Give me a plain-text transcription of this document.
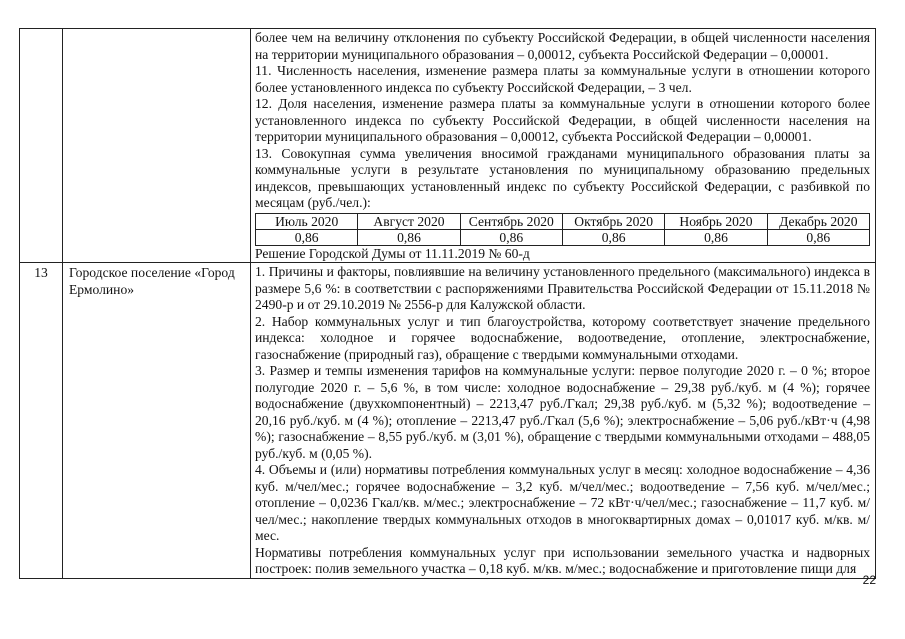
более чем на величину отклонения по субъекту Российской Федерации, в общей численности населения на территории муниципального образования – 0,00012, субъекта Российской Федерации – 0,00001.

11. Численность населения, изменение размера платы за коммунальные услуги в отношении которого более установленного индекса по субъекту Российской Федерации, – 3 чел.

12. Доля населения, изменение размера платы за коммунальные услуги в отношении которого более установленного индекса по субъекту Российской Федерации, в общей численности населения на территории муниципального образования – 0,00012, субъекта Российской Федерации – 0,00001.

13. Совокупная сумма увеличения вносимой гражданами муниципального образования платы за коммунальные услуги в результате установления по муниципальному образованию предельных индексов, превышающих установленный индекс по субъекту Российской Федерации, с разбивкой по месяцам (руб./чел.):

Июль 2020	Август 2020	Сентябрь 2020	Октябрь 2020	Ноябрь 2020	Декабрь 2020
0,86	0,86	0,86	0,86	0,86	0,86

Решение Городской Думы от 11.11.2019 № 60-д

13	Городское поселение «Город Ермолино»	

1. Причины и факторы, повлиявшие на величину установленного предельного (максимального) индекса в размере 5,6 %: в соответствии с распоряжениями Правительства Российской Федерации от 15.11.2018 № 2490-р и от 29.10.2019 № 2556-р для Калужской области.

2. Набор коммунальных услуг и тип благоустройства, которому соответствует значение предельного индекса: холодное и горячее водоснабжение, водоотведение, отопление, электроснабжение, газоснабжение (природный газ), обращение с твердыми коммунальными отходами.

3. Размер и темпы изменения тарифов на коммунальные услуги: первое полугодие 2020 г. – 0 %; второе полугодие 2020 г. – 5,6 %, в том числе: холодное водоснабжение – 29,38 руб./куб. м (4 %); горячее водоснабжение (двухкомпонентный) – 2213,47 руб./Гкал; 29,38 руб./куб. м (5,32 %); водоотведение – 20,16 руб./куб. м (4 %); отопление – 2213,47 руб./Гкал (5,6 %); электроснабжение – 5,06 руб./кВт·ч (4,98 %); газоснабжение – 8,55 руб./куб. м (3,01 %), обращение с твердыми коммунальными отходами – 488,05 руб./куб. м (0,05 %).

4. Объемы и (или) нормативы потребления коммунальных услуг в месяц: холодное водоснабжение – 4,36 куб. м/чел/мес.; горячее водоснабжение – 3,2 куб. м/чел/мес.; водоотведение – 7,56 куб. м/чел/мес.; отопление – 0,0236 Гкал/кв. м/мес.; электроснабжение – 72 кВт·ч/чел/мес.; газоснабжение – 11,7 куб. м/чел/мес.; накопление твердых коммунальных отходов в многоквартирных домах – 0,01017 куб. м/кв. м/мес.

Нормативы потребления коммунальных услуг при использовании земельного участка и надворных построек: полив земельного участка – 0,18 куб. м/кв. м/мес.; водоснабжение и приготовление пищи для

22
